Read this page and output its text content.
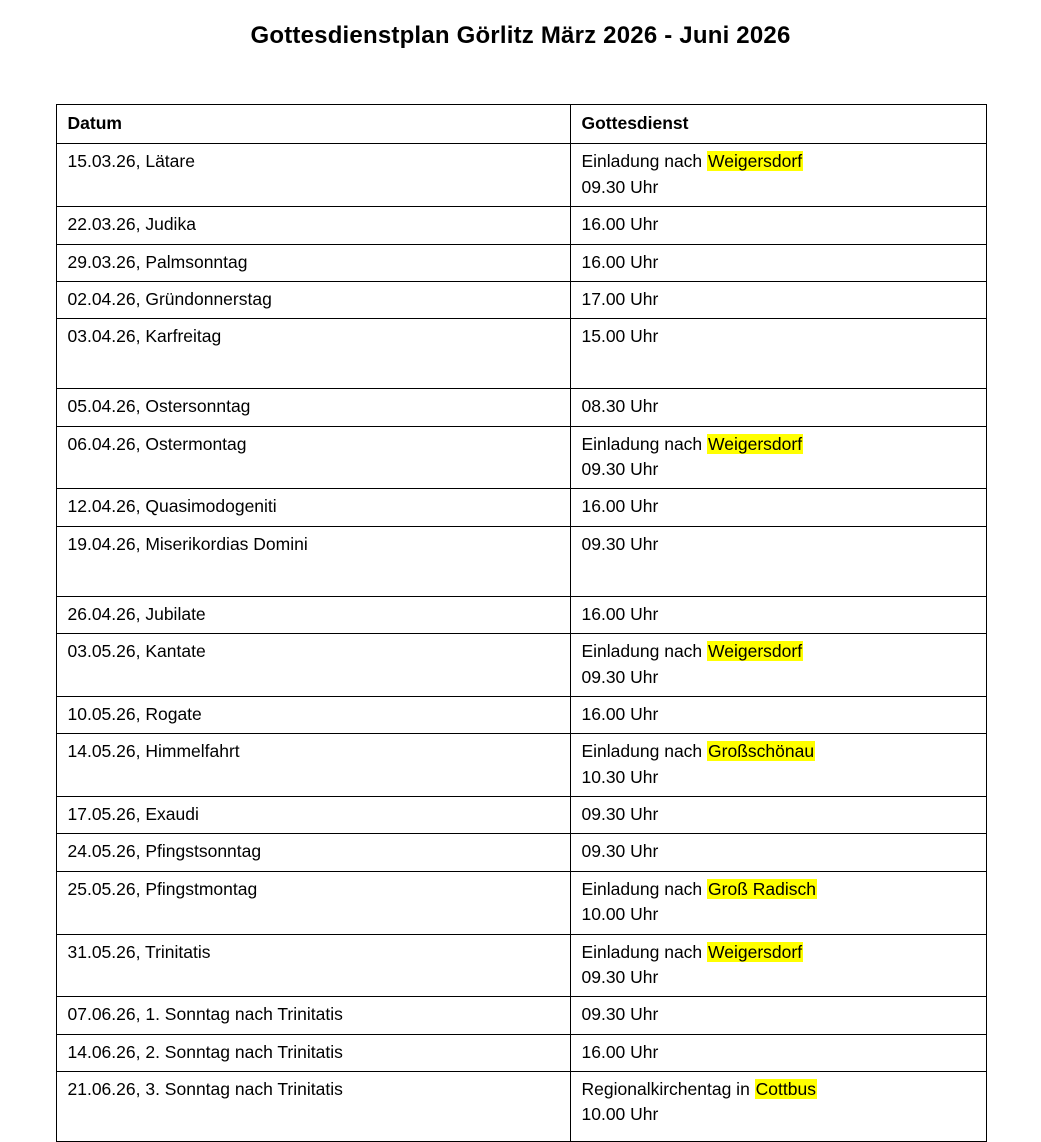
Gottesdienstplan Görlitz März 2026 - Juni 2026
Datum	Gottesdienst

15.03.26, Lätare	Einladung nach Weigersdorf
09.30 Uhr

22.03.26, Judika	16.00 Uhr

29.03.26, Palmsonntag	16.00 Uhr

02.04.26, Gründonnerstag	17.00 Uhr

03.04.26, Karfreitag	15.00 Uhr

05.04.26, Ostersonntag	08.30 Uhr

06.04.26, Ostermontag	Einladung nach Weigersdorf
09.30 Uhr

12.04.26, Quasimodogeniti	16.00 Uhr

19.04.26, Miserikordias Domini	09.30 Uhr

26.04.26, Jubilate	16.00 Uhr

03.05.26, Kantate	Einladung nach Weigersdorf
09.30 Uhr

10.05.26, Rogate	16.00 Uhr

14.05.26, Himmelfahrt	Einladung nach Großschönau
10.30 Uhr

17.05.26, Exaudi	09.30 Uhr

24.05.26, Pfingstsonntag	09.30 Uhr

25.05.26, Pfingstmontag	Einladung nach Groß Radisch
10.00 Uhr

31.05.26, Trinitatis	Einladung nach Weigersdorf
09.30 Uhr

07.06.26, 1. Sonntag nach Trinitatis	09.30 Uhr

14.06.26, 2. Sonntag nach Trinitatis	16.00 Uhr

21.06.26, 3. Sonntag nach Trinitatis	Regionalkirchentag in Cottbus
10.00 Uhr
